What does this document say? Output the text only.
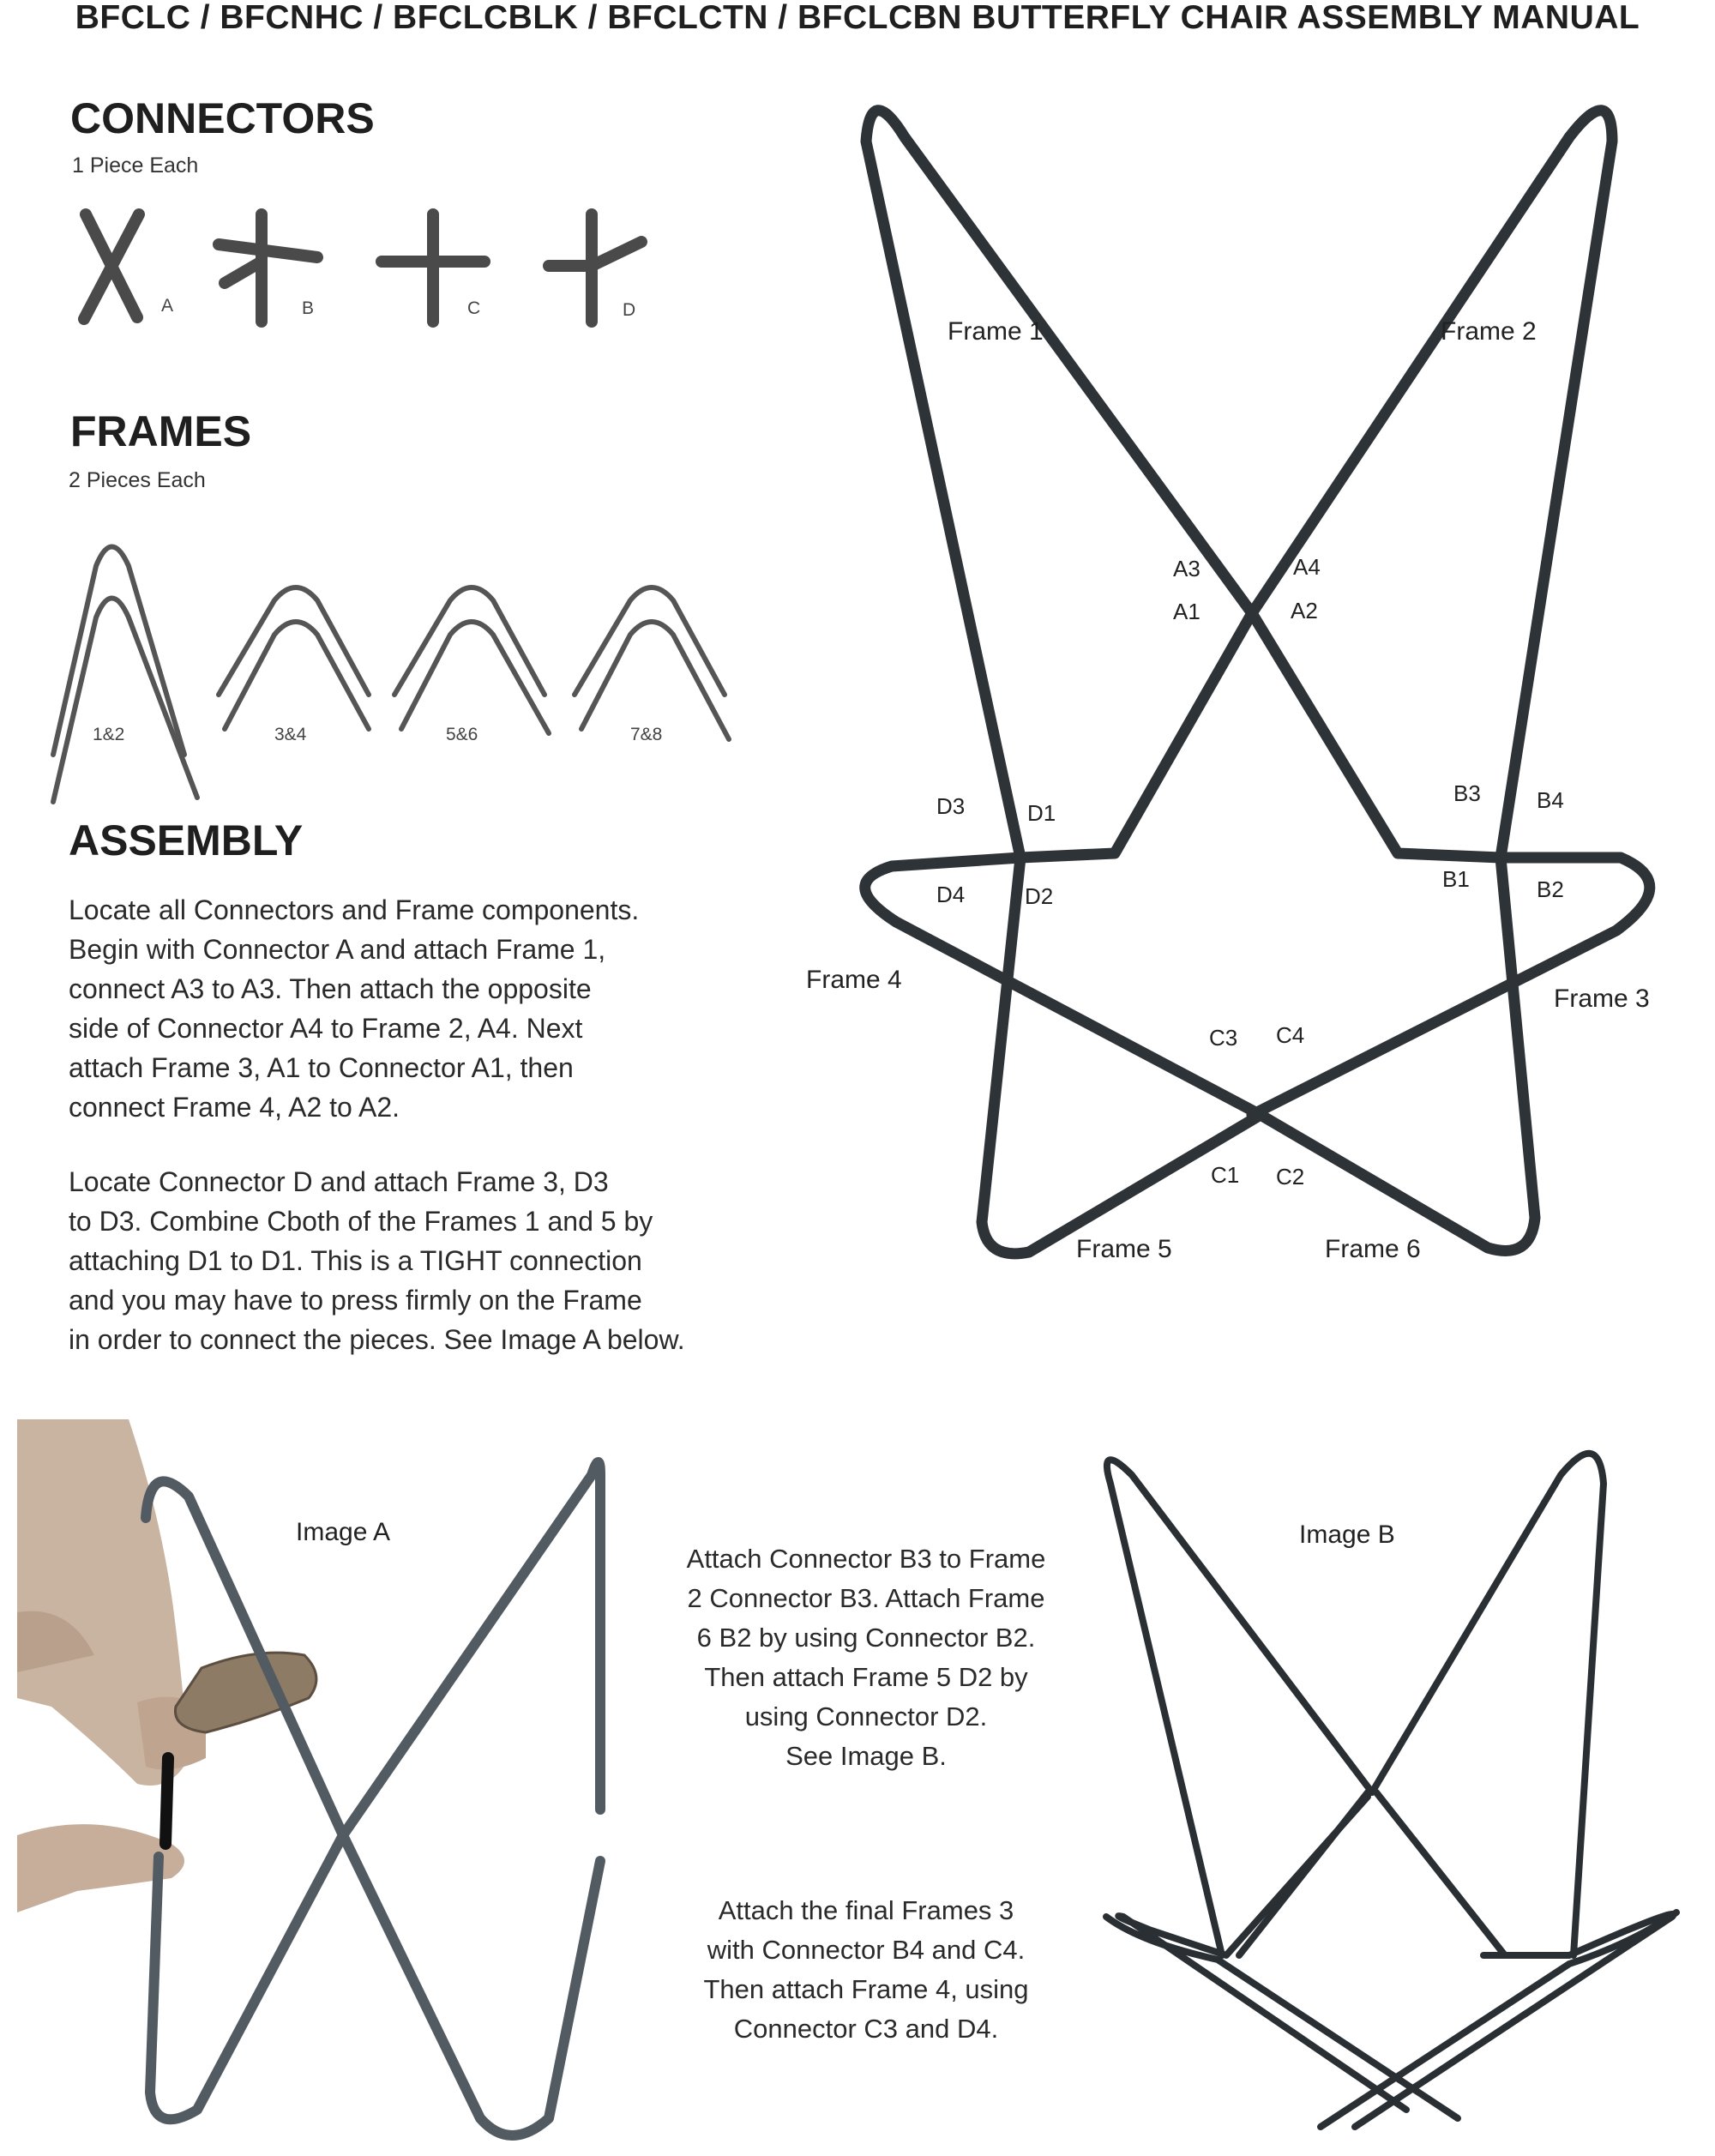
BFCLC / BFCNHC / BFCLCBLK / BFCLCTN / BFCLCBN BUTTERFLY CHAIR ASSEMBLY MANUAL
CONNECTORS
1 Piece Each
A	B	C	D
FRAMES
2 Pieces Each
1&2	3&4	5&6	7&8
ASSEMBLY
Locate all Connectors and Frame components.
Begin with Connector A and attach Frame 1,
connect A3 to A3. Then attach the opposite
side of Connector A4 to Frame 2, A4. Next
attach Frame 3, A1 to Connector A1, then
connect Frame 4, A2 to A2.
Locate Connector D and attach Frame 3, D3
to D3. Combine Cboth of the Frames 1 and 5 by
attaching D1 to D1. This is a TIGHT connection
and you may have to press firmly on the Frame
in order to connect the pieces. See Image A below.
Frame 1	Frame 2
Frame 3
Frame 4
Frame 5	Frame 6
A3	A4
A1	A2
B3	B4
B1	B2
D3	D1
D4	D2
C3 C4
C1 C2
Image A
Attach Connector B3 to Frame
2 Connector B3. Attach Frame
6 B2 by using Connector B2.
Then attach Frame 5 D2 by
using Connector D2.
See Image B.
Attach the final Frames 3
with Connector B4 and C4.
Then attach Frame 4, using
Connector C3 and D4.
Image B
